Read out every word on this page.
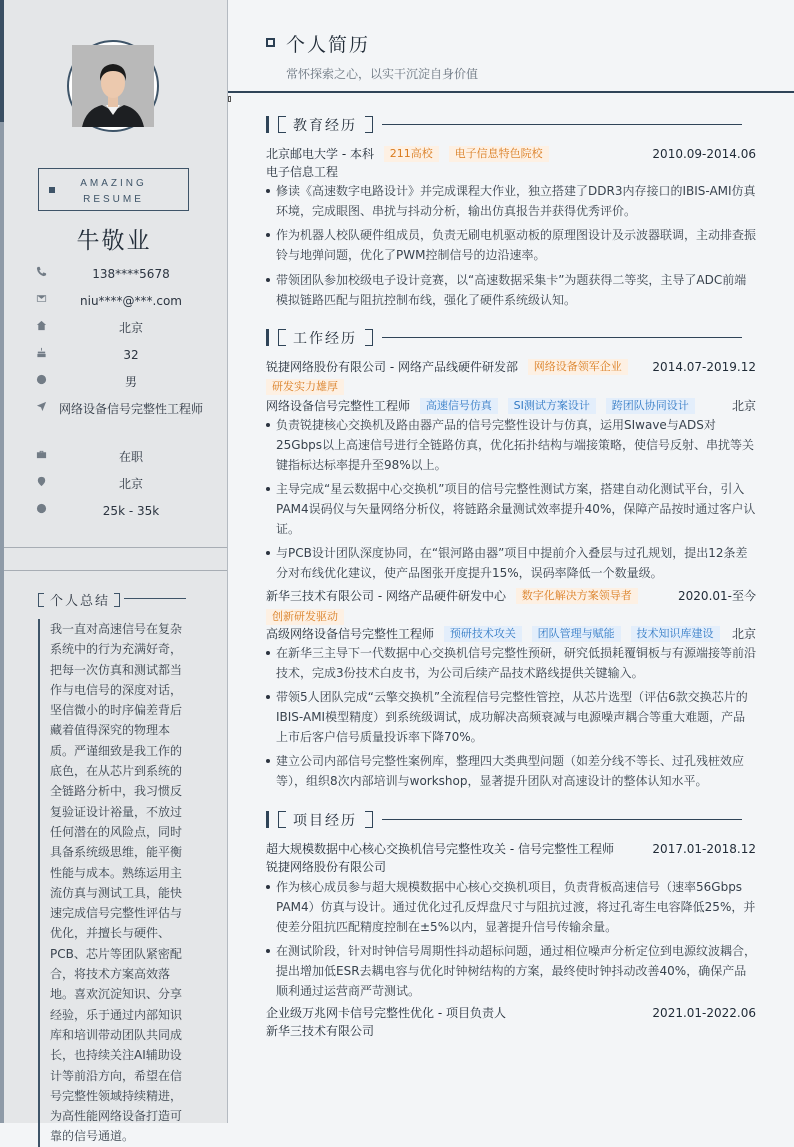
AMAZING
RESUME
牛敬业
138****5678
niu****@***.com
北京
32
男
网络设备信号完整性工程师
在职
北京
25k - 35k
个人总结
我一直对高速信号在复杂系统中的行为充满好奇，把每一次仿真和测试都当作与电信号的深度对话，坚信微小的时序偏差背后藏着值得深究的物理本质。严谨细致是我工作的底色，在从芯片到系统的全链路分析中，我习惯反复验证设计裕量，不放过任何潜在的风险点，同时具备系统级思维，能平衡性能与成本。熟练运用主流仿真与测试工具，能快速完成信号完整性评估与优化，并擅长与硬件、PCB、芯片等团队紧密配合，将技术方案高效落地。喜欢沉淀知识、分享经验，乐于通过内部知识库和培训带动团队共同成长，也持续关注AI辅助设计等前沿方向，希望在信号完整性领域持续精进，为高性能网络设备打造可靠的信号通道。
个人简历
常怀探索之心，以实干沉淀自身价值
教育经历
北京邮电大学 - 本科 211高校 电子信息特色院校	2010.09-2014.06
电子信息工程
修读《高速数字电路设计》并完成课程大作业，独立搭建了DDR3内存接口的IBIS-AMI仿真环境，完成眼图、串扰与抖动分析，输出仿真报告并获得优秀评价。
作为机器人校队硬件组成员，负责无刷电机驱动板的原理图设计及示波器联调，主动排查振铃与地弹问题，优化了PWM控制信号的边沿速率。
带领团队参加校级电子设计竞赛，以“高速数据采集卡”为题获得二等奖，主导了ADC前端模拟链路匹配与阻抗控制布线，强化了硬件系统级认知。
工作经历
锐捷网络股份有限公司 - 网络产品线硬件研发部 网络设备领军企业	2014.07-2019.12
研发实力雄厚
网络设备信号完整性工程师 高速信号仿真 SI测试方案设计 跨团队协同设计	北京
负责锐捷核心交换机及路由器产品的信号完整性设计与仿真，运用SIwave与ADS对25Gbps以上高速信号进行全链路仿真，优化拓扑结构与端接策略，使信号反射、串扰等关键指标达标率提升至98%以上。
主导完成“星云数据中心交换机”项目的信号完整性测试方案，搭建自动化测试平台，引入PAM4误码仪与矢量网络分析仪，将链路余量测试效率提升40%，保障产品按时通过客户认证。
与PCB设计团队深度协同，在“银河路由器”项目中提前介入叠层与过孔规划，提出12条差分对布线优化建议，使产品图张开度提升15%，误码率降低一个数量级。
新华三技术有限公司 - 网络产品硬件研发中心 数字化解决方案领导者	2020.01-至今
创新研发驱动
高级网络设备信号完整性工程师 预研技术攻关 团队管理与赋能 技术知识库建设 北京
在新华三主导下一代数据中心交换机信号完整性预研，研究低损耗覆铜板与有源端接等前沿技术，完成3份技术白皮书，为公司后续产品技术路线提供关键输入。
带领5人团队完成“云擎交换机”全流程信号完整性管控，从芯片选型（评估6款交换芯片的IBIS-AMI模型精度）到系统级调试，成功解决高频衰减与电源噪声耦合等重大难题，产品上市后客户信号质量投诉率下降70%。
建立公司内部信号完整性案例库，整理四大类典型问题（如差分线不等长、过孔残桩效应等），组织8次内部培训与workshop，显著提升团队对高速设计的整体认知水平。
项目经历
超大规模数据中心核心交换机信号完整性攻关 - 信号完整性工程师	2017.01-2018.12
锐捷网络股份有限公司
作为核心成员参与超大规模数据中心核心交换机项目，负责背板高速信号（速率56Gbps PAM4）仿真与设计。通过优化过孔反焊盘尺寸与阻抗过渡，将过孔寄生电容降低25%，并使差分阻抗匹配精度控制在±5%以内，显著提升信号传输余量。
在测试阶段，针对时钟信号周期性抖动超标问题，通过相位噪声分析定位到电源纹波耦合，提出增加低ESR去耦电容与优化时钟树结构的方案，最终使时钟抖动改善40%，确保产品顺利通过运营商严苛测试。
企业级万兆网卡信号完整性优化 - 项目负责人	2021.01-2022.06
新华三技术有限公司
